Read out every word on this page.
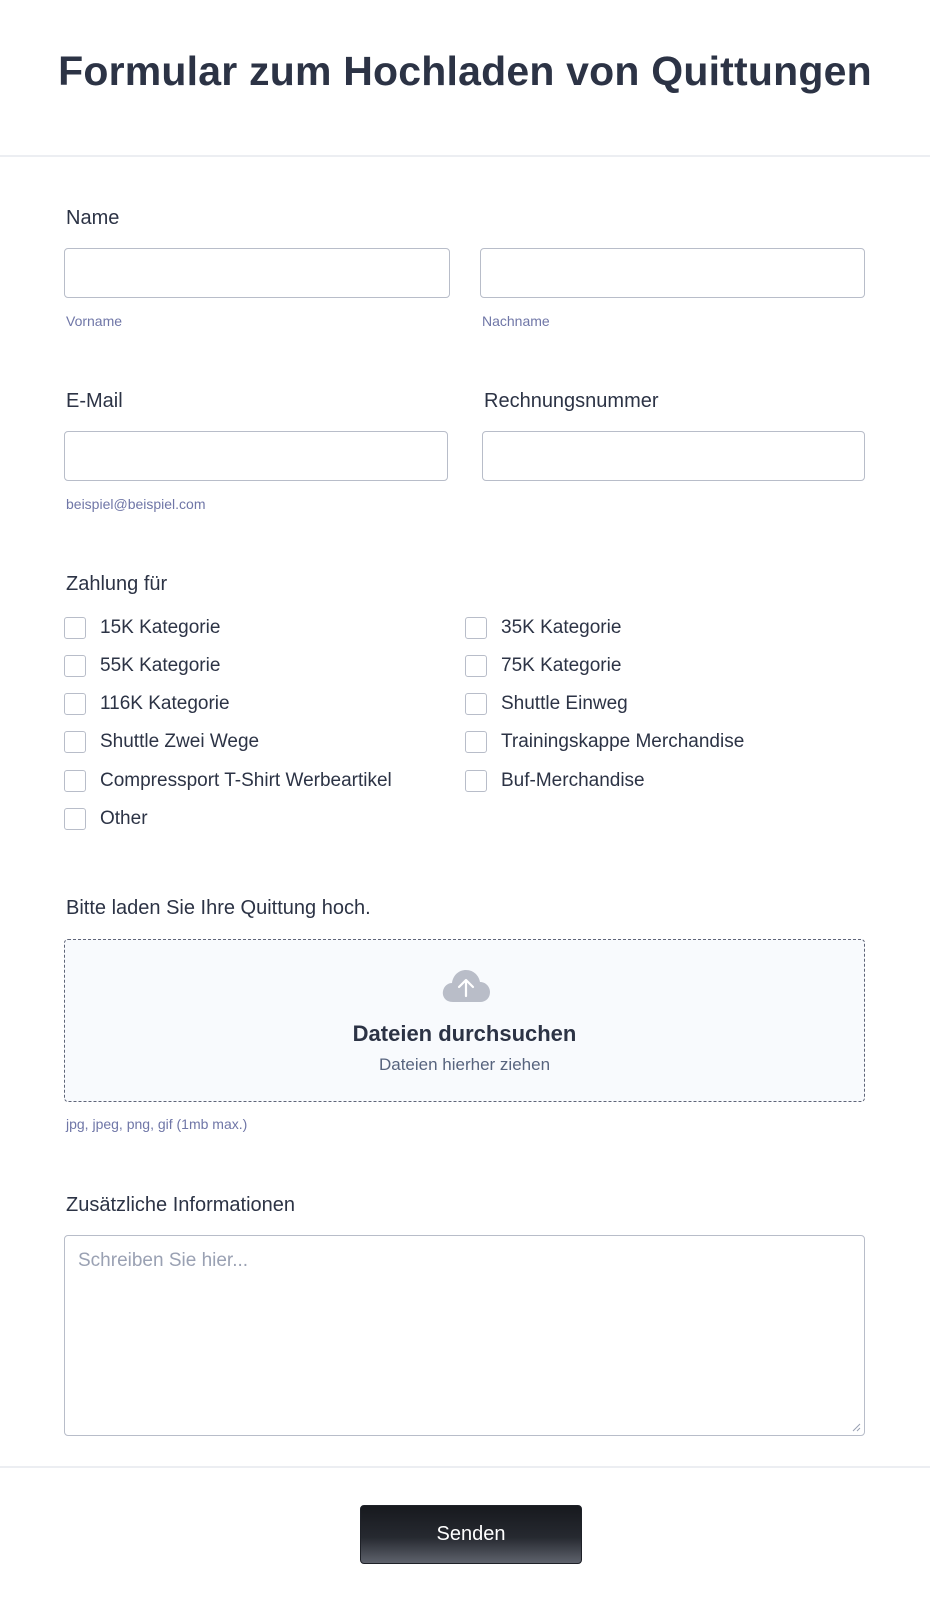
Formular zum Hochladen von Quittungen
Name
Vorname	Nachname
E-Mail	Rechnungsnummer
beispiel@beispiel.com
Zahlung für
15K Kategorie	35K Kategorie
55K Kategorie	75K Kategorie
116K Kategorie	Shuttle Einweg
Shuttle Zwei Wege	Trainingskappe Merchandise
Compressport T-Shirt Werbeartikel	Buf-Merchandise
Other
Bitte laden Sie Ihre Quittung hoch.
Dateien durchsuchen
Dateien hierher ziehen
jpg, jpeg, png, gif (1mb max.)
Zusätzliche Informationen
Schreiben Sie hier...
Senden
